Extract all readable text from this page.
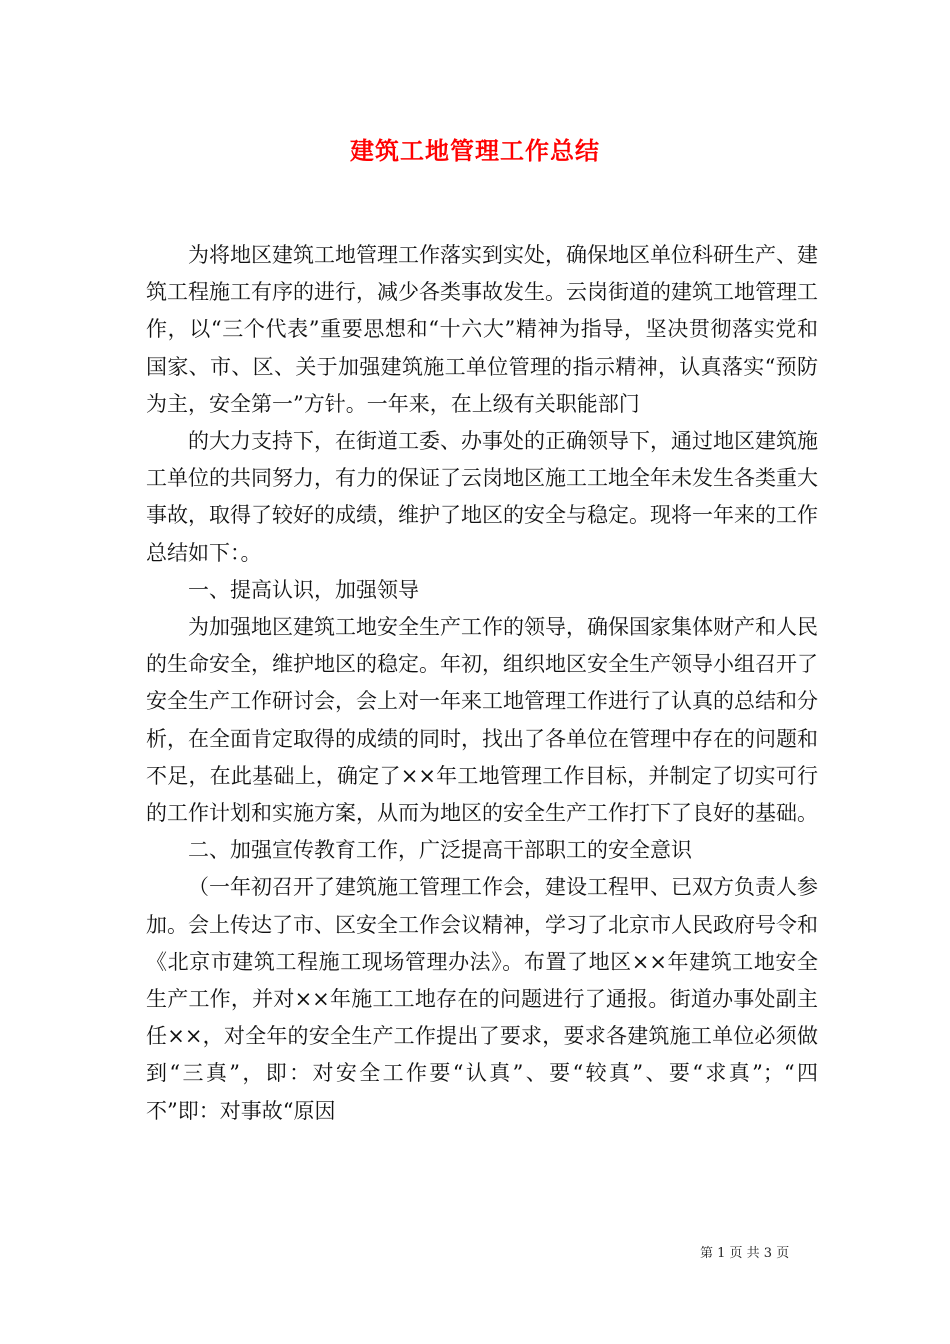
建筑工地管理工作总结

为将地区建筑工地管理工作落实到实处，确保地区单位科研生产、建筑工程施工有序的进行，减少各类事故发生。云岗街道的建筑工地管理工作，以“三个代表”重要思想和“十六大”精神为指导，坚决贯彻落实党和国家、市、区、关于加强建筑施工单位管理的指示精神，认真落实“预防为主，安全第一”方针。一年来，在上级有关职能部门

的大力支持下，在街道工委、办事处的正确领导下，通过地区建筑施工单位的共同努力，有力的保证了云岗地区施工工地全年未发生各类重大事故，取得了较好的成绩，维护了地区的安全与稳定。现将一年来的工作总结如下：。

一、提高认识，加强领导

为加强地区建筑工地安全生产工作的领导，确保国家集体财产和人民的生命安全，维护地区的稳定。年初，组织地区安全生产领导小组召开了安全生产工作研讨会，会上对一年来工地管理工作进行了认真的总结和分析，在全面肯定取得的成绩的同时，找出了各单位在管理中存在的问题和不足，在此基础上，确定了××年工地管理工作目标，并制定了切实可行的工作计划和实施方案，从而为地区的安全生产工作打下了良好的基础。

二、加强宣传教育工作，广泛提高干部职工的安全意识

（一年初召开了建筑施工管理工作会，建设工程甲、已双方负责人参加。会上传达了市、区安全工作会议精神，学习了北京市人民政府号令和《北京市建筑工程施工现场管理办法》。布置了地区××年建筑工地安全生产工作，并对××年施工工地存在的问题进行了通报。街道办事处副主任××，对全年的安全生产工作提出了要求，要求各建筑施工单位必须做到“三真”，即：对安全工作要“认真”、要“较真”、要“求真”；“四不”即：对事故“原因

第 1 页 共 3 页
